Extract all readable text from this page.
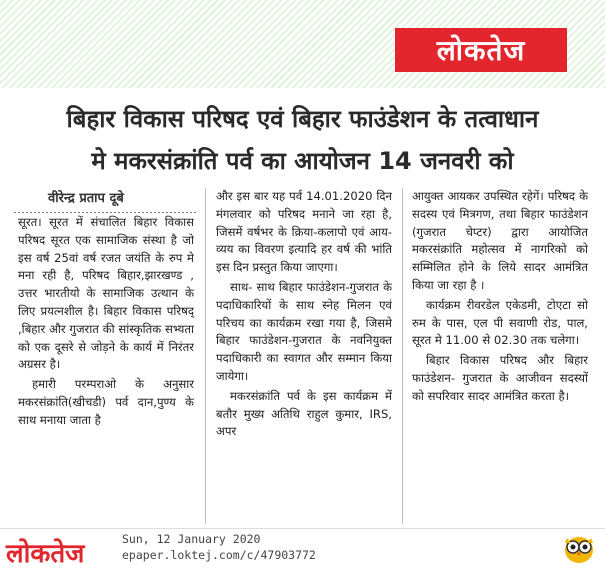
लोकतेज
बिहार विकास परिषद एवं बिहार फाउंडेशन के तत्वाधान
मे मकरसंक्रांति पर्व का आयोजन 14 जनवरी को
वीरेन्द्र प्रताप दूबे

सूरत। सूरत में संचालित बिहार विकास परिषद सूरत एक सामाजिक संस्था है जो इस वर्ष 25वां वर्ष रजत जयंति के रुप मे मना रही है, परिषद बिहार,झारखण्ड , उत्तर भारतीयो के सामाजिक उत्थान के लिए प्रयत्नशील है। बिहार विकास परिषद् ,बिहार और गुजरात की सांस्कृतिक सभ्यता को एक दूसरे से जोड़ने के कार्य में निरंतर अग्रसर है।

हमारी परम्पराओ के अनुसार मकरसंक्रांति(खीचडी) पर्व दान,पुण्य के साथ मनाया जाता है

और इस बार यह पर्व 14.01.2020 दिन मंगलवार को परिषद मनाने जा रहा है, जिसमें वर्षभर के क्रिया-कलापो एवं आय-व्यय का विवरण इत्यादि हर वर्ष की भांति इस दिन प्रस्तुत किया जाएगा।

साथ- साथ बिहार फाउंडेशन-गुजरात के पदाधिकारियों के साथ स्नेह मिलन एवं परिचय का कार्यक्रम रखा गया है, जिसमे बिहार फाउंडेशन-गुजरात के नवनियुक्त पदाधिकारी का स्वागत और सम्मान किया जायेगा।

मकरसंक्रांति पर्व के इस कार्यक्रम में बतौर मुख्य अतिथि राहुल कुमार, IRS, अपर

आयुक्त आयकर उपस्थित रहेगें। परिषद के सदस्य एवं मित्रगण, तथा बिहार फाउंडेशन (गुजरात चेप्टर) द्वारा आयोजित मकरसंक्रांति महोत्सव में नागरिको को सम्मिलित होने के लिये सादर आमंत्रित किया जा रहा है ।

कार्यक्रम रीवरडेल एकेडमी, टोएटा सो रुम के पास, एल पी सवाणी रोड, पाल, सूरत मे 11.00 से 02.30 तक चलेगा।

बिहार विकास परिषद और बिहार फाउंडेशन- गुजरात के आजीवन सदस्यों को सपरिवार सादर आमंत्रित करता है।

लोकतेज	Sun, 12 January 2020
epaper.loktej.com/c/47903772
